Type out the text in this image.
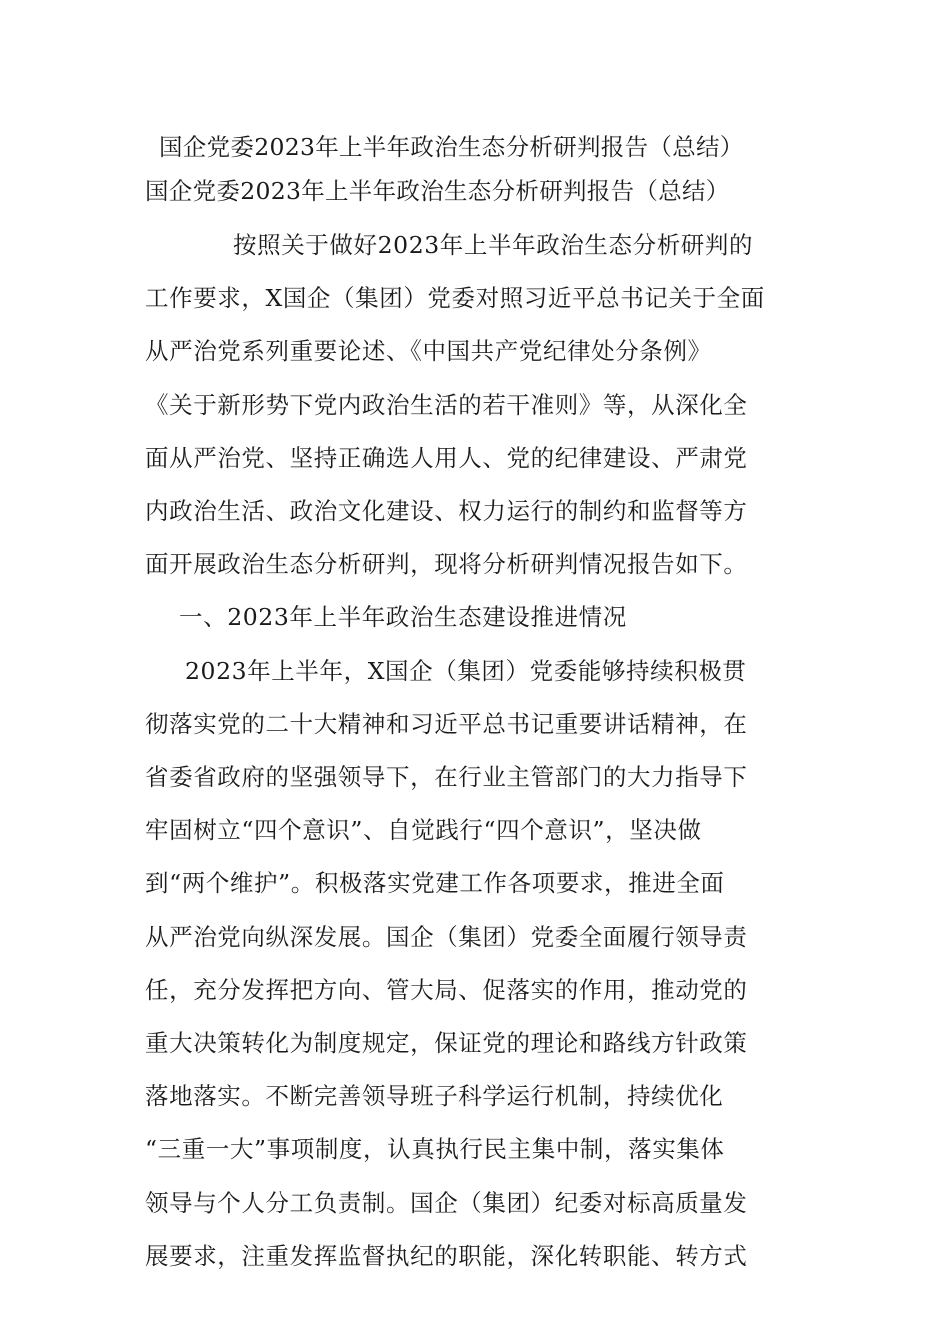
国企党委2023年上半年政治生态分析研判报告（总结）
国企党委2023年上半年政治生态分析研判报告（总结）
按照关于做好2023年上半年政治生态分析研判的
工作要求，X国企（集团）党委对照习近平总书记关于全面
从严治党系列重要论述、《中国共产党纪律处分条例》
《关于新形势下党内政治生活的若干准则》等，从深化全
面从严治党、坚持正确选人用人、党的纪律建设、严肃党
内政治生活、政治文化建设、权力运行的制约和监督等方
面开展政治生态分析研判，现将分析研判情况报告如下。
一、2023年上半年政治生态建设推进情况
2023年上半年，X国企（集团）党委能够持续积极贯
彻落实党的二十大精神和习近平总书记重要讲话精神，在
省委省政府的坚强领导下，在行业主管部门的大力指导下
牢固树立“四个意识”、自觉践行“四个意识”，坚决做
到“两个维护”。积极落实党建工作各项要求，推进全面
从严治党向纵深发展。国企（集团）党委全面履行领导责
任，充分发挥把方向、管大局、促落实的作用，推动党的
重大决策转化为制度规定，保证党的理论和路线方针政策
落地落实。不断完善领导班子科学运行机制，持续优化
“三重一大”事项制度，认真执行民主集中制，落实集体
领导与个人分工负责制。国企（集团）纪委对标高质量发
展要求，注重发挥监督执纪的职能，深化转职能、转方式
